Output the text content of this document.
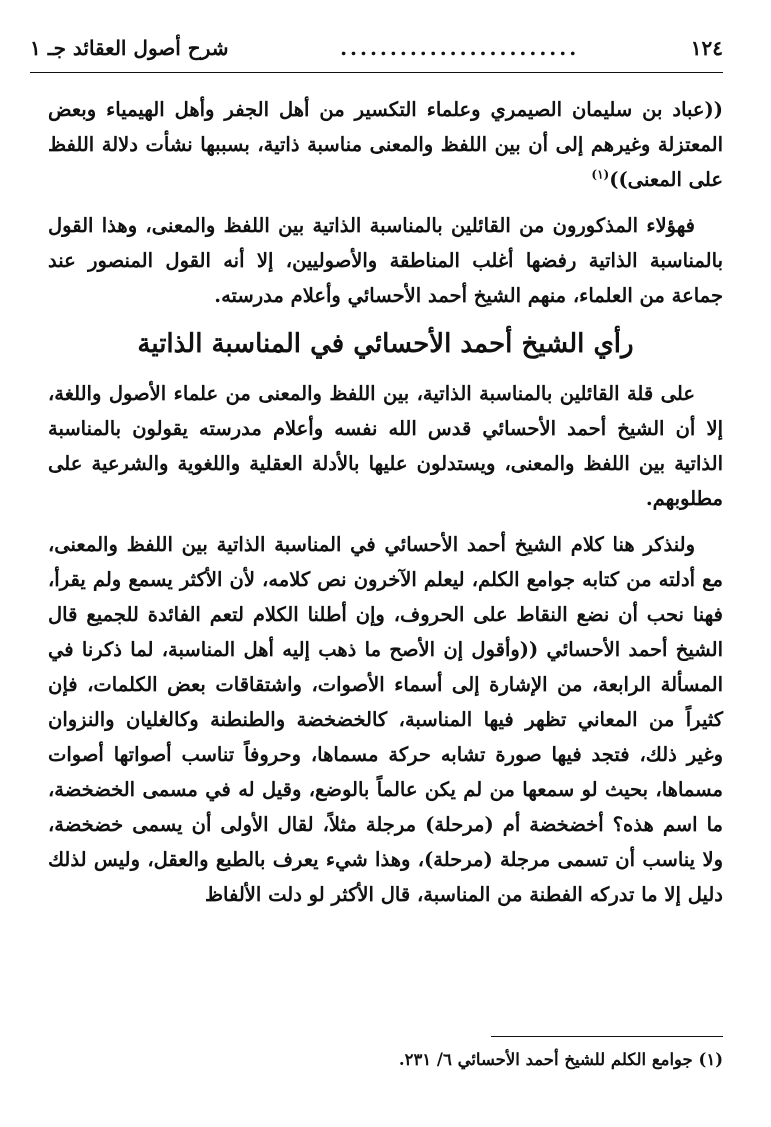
١٢٤
........................
شرح أصول العقائد جـ ١

((عباد بن سليمان الصيمري وعلماء التكسير من أهل الجفر وأهل الهيمياء وبعض المعتزلة وغيرهم إلى أن بين اللفظ والمعنى مناسبة ذاتية، بسببها نشأت دلالة اللفظ على المعنى))$^{(١)}$

فهؤلاء المذكورون من القائلين بالمناسبة الذاتية بين اللفظ والمعنى، وهذا القول بالمناسبة الذاتية رفضها أغلب المناطقة والأصوليين، إلا أنه القول المنصور عند جماعة من العلماء، منهم الشيخ أحمد الأحسائي وأعلام مدرسته.

رأي الشيخ أحمد الأحسائي في المناسبة الذاتية

على قلة القائلين بالمناسبة الذاتية، بين اللفظ والمعنى من علماء الأصول واللغة، إلا أن الشيخ أحمد الأحسائي قدس الله نفسه وأعلام مدرسته يقولون بالمناسبة الذاتية بين اللفظ والمعنى، ويستدلون عليها بالأدلة العقلية واللغوية والشرعية على مطلوبهم.

ولنذكر هنا كلام الشيخ أحمد الأحسائي في المناسبة الذاتية بين اللفظ والمعنى، مع أدلته من كتابه جوامع الكلم، ليعلم الآخرون نص كلامه، لأن الأكثر يسمع ولم يقرأ، فهنا نحب أن نضع النقاط على الحروف، وإن أطلنا الكلام لتعم الفائدة للجميع قال الشيخ أحمد الأحسائي ((وأقول إن الأصح ما ذهب إليه أهل المناسبة، لما ذكرنا في المسألة الرابعة، من الإشارة إلى أسماء الأصوات، واشتقاقات بعض الكلمات، فإن كثيراً من المعاني تظهر فيها المناسبة، كالخضخضة والطنطنة وكالغليان والنزوان وغير ذلك، فتجد فيها صورة تشابه حركة مسماها، وحروفاً تناسب أصواتها أصوات مسماها، بحيث لو سمعها من لم يكن عالماً بالوضع، وقيل له في مسمى الخضخضة، ما اسم هذه؟ أخضخضة أم (مرحلة) مرجلة مثلاً، لقال الأولى أن يسمى خضخضة، ولا يناسب أن تسمى مرجلة (مرحلة)، وهذا شيء يعرف بالطبع والعقل، وليس لذلك دليل إلا ما تدركه الفطنة من المناسبة، قال الأكثر لو دلت الألفاظ

(١) جوامع الكلم للشيخ أحمد الأحسائي ٦/ ٢٣١.
